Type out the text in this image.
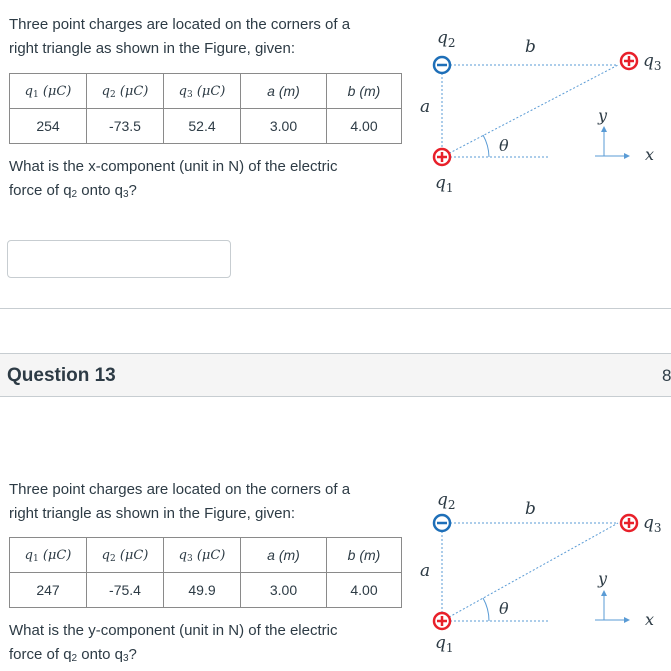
Three point charges are located on the corners of a
right triangle as shown in the Figure, given:
q1 (μC)	q2 (μC)	q3 (μC)	a (m)	b (m)
254	-73.5	52.4	3.00	4.00
What is the x-component (unit in N) of the electric
force of $q_2$ onto $q_3$?
$q_2$
$q_1$
$q_3$
a
b
θ
y
x
Question 13	8
Three point charges are located on the corners of a
right triangle as shown in the Figure, given:
q1 (μC)	q2 (μC)	q3 (μC)	a (m)	b (m)
247	-75.4	49.9	3.00	4.00
What is the y-component (unit in N) of the electric
force of $q_2$ onto $q_3$?
$q_2$
$q_1$
$q_3$
a
b
θ
y
x
